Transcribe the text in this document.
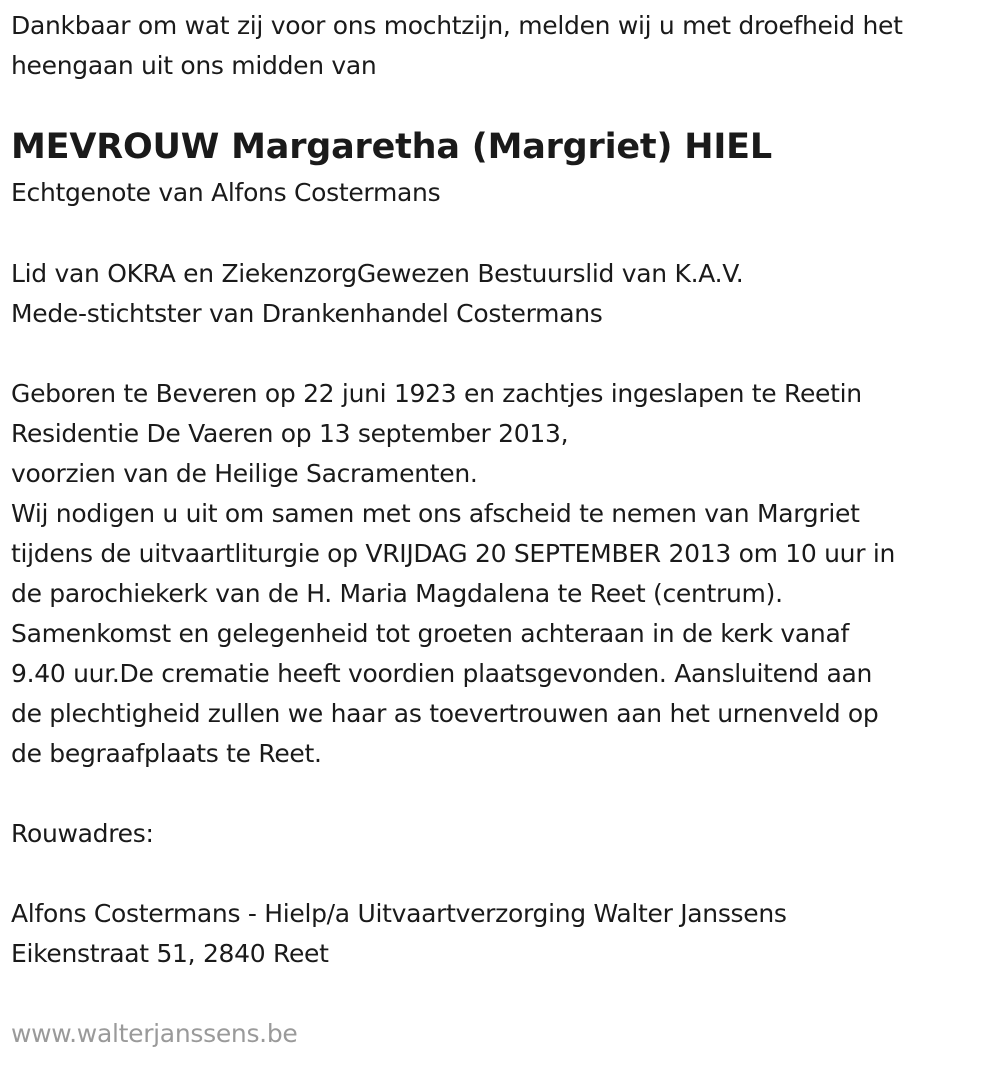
Dankbaar om wat zij voor ons mochtzijn, melden wij u met droefheid het
heengaan uit ons midden van
MEVROUW Margaretha (Margriet) HIEL
Echtgenote van Alfons Costermans
Lid van OKRA en ZiekenzorgGewezen Bestuurslid van K.A.V.
Mede-stichtster van Drankenhandel Costermans
Geboren te Beveren op 22 juni 1923 en zachtjes ingeslapen te Reetin
Residentie De Vaeren op 13 september 2013,
voorzien van de Heilige Sacramenten.
Wij nodigen u uit om samen met ons afscheid te nemen van Margriet
tijdens de uitvaartliturgie op VRIJDAG 20 SEPTEMBER 2013 om 10 uur in
de parochiekerk van de H. Maria Magdalena te Reet (centrum).
Samenkomst en gelegenheid tot groeten achteraan in de kerk vanaf
9.40 uur.De crematie heeft voordien plaatsgevonden. Aansluitend aan
de plechtigheid zullen we haar as toevertrouwen aan het urnenveld op
de begraafplaats te Reet.
Rouwadres:
Alfons Costermans - Hielp/a Uitvaartverzorging Walter Janssens
Eikenstraat 51, 2840 Reet
www.walterjanssens.be
